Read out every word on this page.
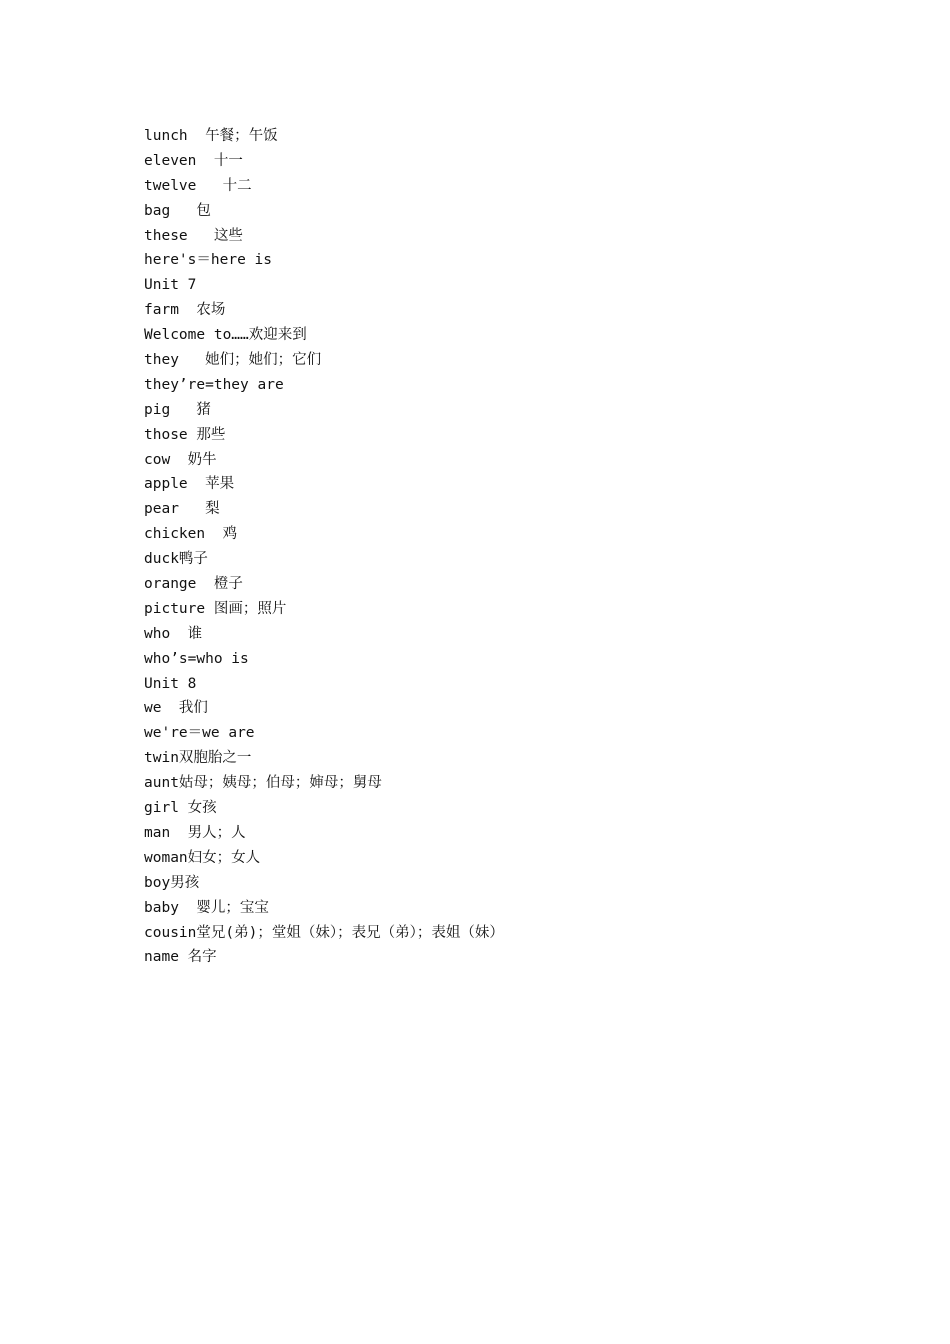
lunch  午餐；午饭
eleven  十一
twelve   十二
bag   包
these   这些
here's＝here is
Unit 7
farm  农场
Welcome to……欢迎来到
they   她们；她们；它们
they’re=they are
pig   猪
those 那些
cow  奶牛
apple  苹果
pear   梨
chicken  鸡
duck鸭子
orange  橙子
picture 图画；照片
who  谁
who’s=who is
Unit 8
we  我们
we're＝we are
twin双胞胎之一
aunt姑母；姨母；伯母；婶母；舅母
girl 女孩
man  男人；人
woman妇女；女人
boy男孩
baby  婴儿；宝宝
cousin堂兄(弟)；堂姐（妹）；表兄（弟）；表姐（妹）
name 名字
